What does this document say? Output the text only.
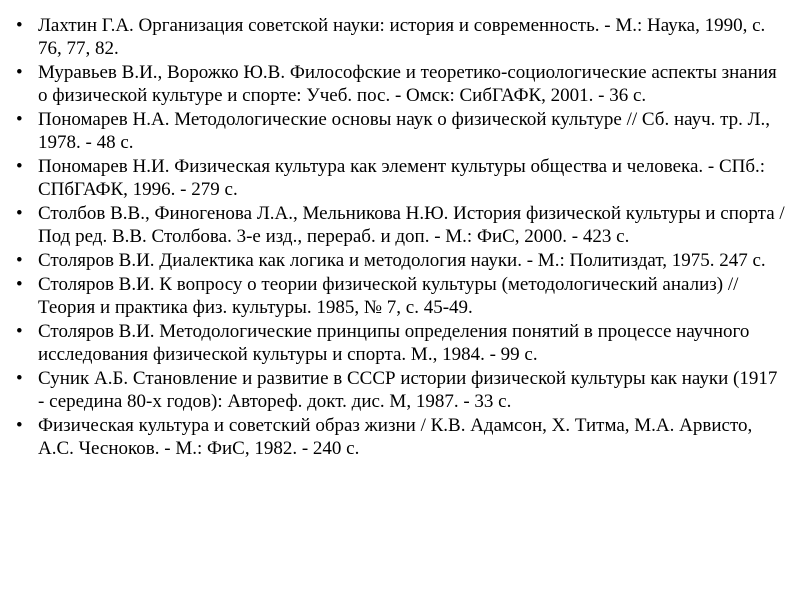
• Лахтин Г.А. Организация советской науки: история и современность. - М.: Наука, 1990, с. 76, 77, 82.
• Муравьев В.И., Ворожко Ю.В. Философские и теоретико-социологические аспекты знания о физической культуре и спорте: Учеб. пос. - Омск: СибГАФК, 2001. - 36 с.
• Пономарев Н.А. Методологические основы наук о физической культуре // Сб. науч. тр. Л., 1978. - 48 с.
• Пономарев Н.И. Физическая культура как элемент культуры общества и человека. - СПб.: СПбГАФК, 1996. - 279 с.
• Столбов В.В., Финогенова Л.А., Мельникова Н.Ю. История физической культуры и спорта / Под ред. В.В. Столбова. 3-е изд., перераб. и доп. - М.: ФиС, 2000. - 423 с.
• Столяров В.И. Диалектика как логика и методология науки. - М.: Политиздат, 1975. 247 с.
• Столяров В.И. К вопросу о теории физической культуры (методологический анализ) // Теория и практика физ. культуры. 1985, № 7, с. 45-49.
• Столяров В.И. Методологические принципы определения понятий в процессе научного исследования физической культуры и спорта. М., 1984. - 99 с.
• Суник А.Б. Становление и развитие в СССР истории физической культуры как науки (1917 - середина 80-х годов): Автореф. докт. дис. М, 1987. - 33 с.
• Физическая культура и советский образ жизни / К.В. Адамсон, Х. Титма, М.А. Арвисто, А.С. Чесноков. - М.: ФиС, 1982. - 240 с.
